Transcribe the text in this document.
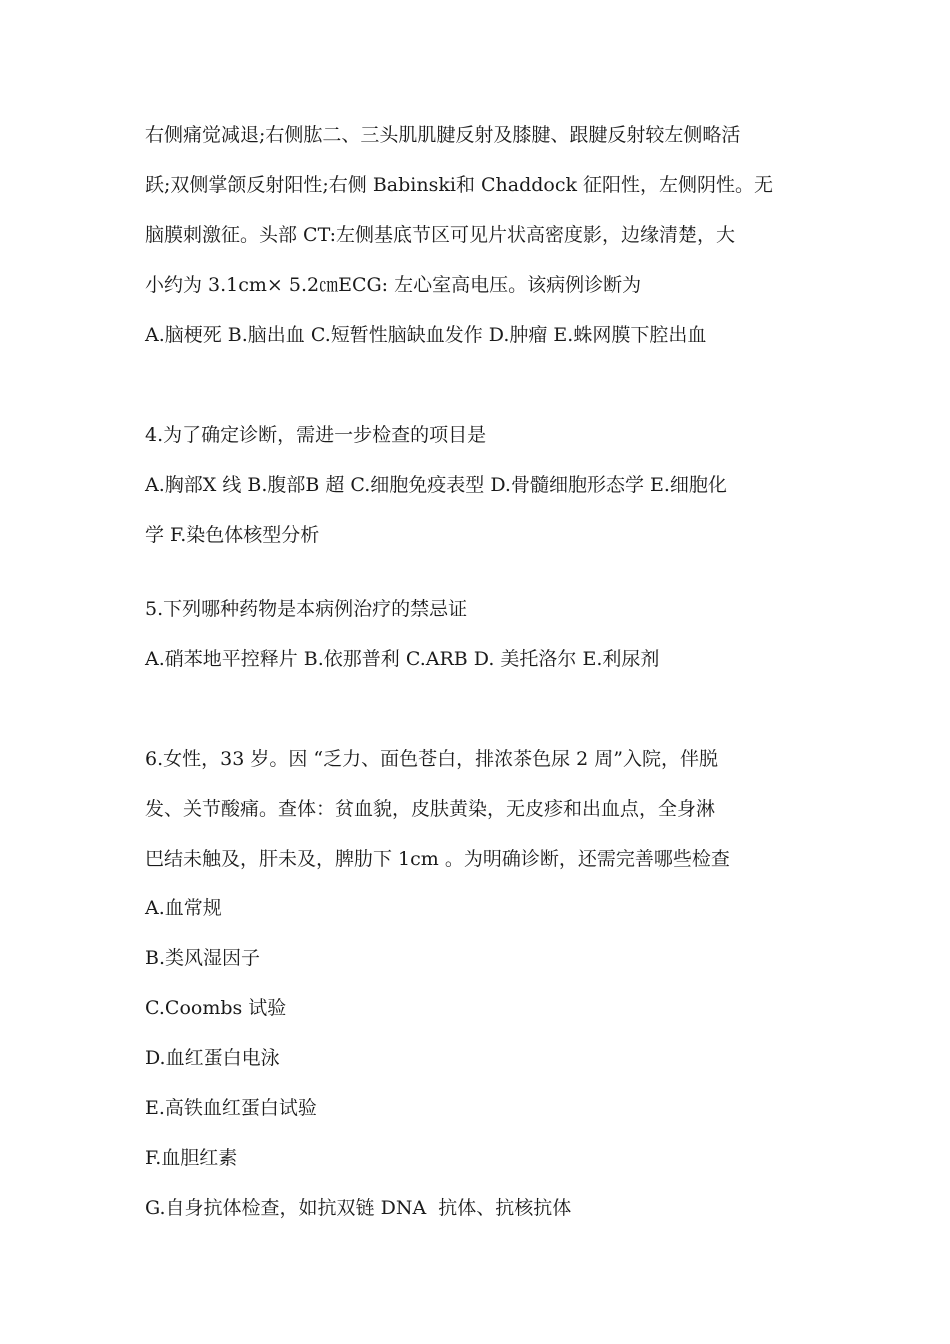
右侧痛觉减退;右侧肱二、三头肌肌腱反射及膝腱、跟腱反射较左侧略活
跃;双侧掌颌反射阳性;右侧 Babinski和 Chaddock 征阳性，左侧阴性。无
脑膜刺激征。头部 CT:左侧基底节区可见片状高密度影，边缘清楚，大
小约为 3.1cm× 5.2㎝ECG: 左心室高电压。该病例诊断为
A.脑梗死 B.脑出血 C.短暂性脑缺血发作 D.肿瘤 E.蛛网膜下腔出血
4.为了确定诊断，需进一步检查的项目是
A.胸部X 线 B.腹部B 超 C.细胞免疫表型 D.骨髓细胞形态学 E.细胞化
学 F.染色体核型分析
5.下列哪种药物是本病例治疗的禁忌证
A.硝苯地平控释片 B.依那普利 C.ARB D. 美托洛尔 E.利尿剂
6.女性，33 岁。因 “乏力、面色苍白，排浓茶色尿 2 周”入院，伴脱
发、关节酸痛。查体：贫血貌，皮肤黄染，无皮疹和出血点，全身淋
巴结未触及，肝未及，脾肋下 1cm 。为明确诊断，还需完善哪些检查
A.血常规
B.类风湿因子
C.Coombs 试验
D.血红蛋白电泳
E.高铁血红蛋白试验
F.血胆红素
G.自身抗体检查，如抗双链 DNA  抗体、抗核抗体
